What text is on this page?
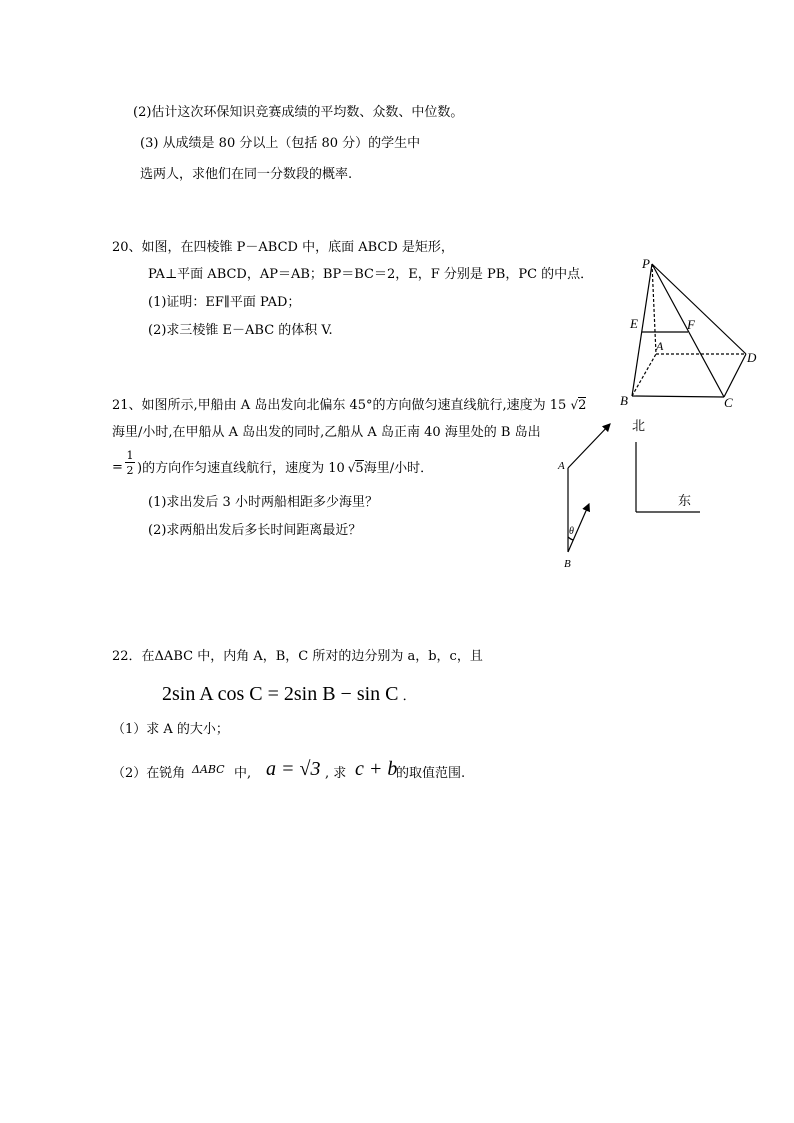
(2)估计这次环保知识竞赛成绩的平均数、众数、中位数。
(3) 从成绩是 80 分以上（包括 80 分）的学生中
选两人，求他们在同一分数段的概率.
20、如图，在四棱锥 P－ABCD 中，底面 ABCD 是矩形，
PA⊥平面 ABCD，AP＝AB；BP＝BC＝2，E，F 分别是 PB，PC 的中点．
(1)证明：EF∥平面 PAD；
(2)求三棱锥 E－ABC 的体积 V.
P
E	F
A
D
B	C
21、如图所示,甲船由 A 岛出发向北偏东 45°的方向做匀速直线航行,速度为 15 √2
海里/小时,在甲船从 A 岛出发的同时,乙船从 A 岛正南 40 海里处的 B 岛出
=
1
2 )的方向作匀速直线航行，速度为 10 √5海里/小时．
(1)求出发后 3 小时两船相距多少海里？
(2)求两船出发后多长时间距离最近？
A
B
θ
北
东
22．在ΔABC 中，内角 A，B，C 所对的边分别为 a，b，c，且
2sin A cos C = 2sin B − sin C ．
（1）求 A 的大小；
（2）在锐角 ΔABC 中, a = √3 , 求 c + b
的取值范围.
